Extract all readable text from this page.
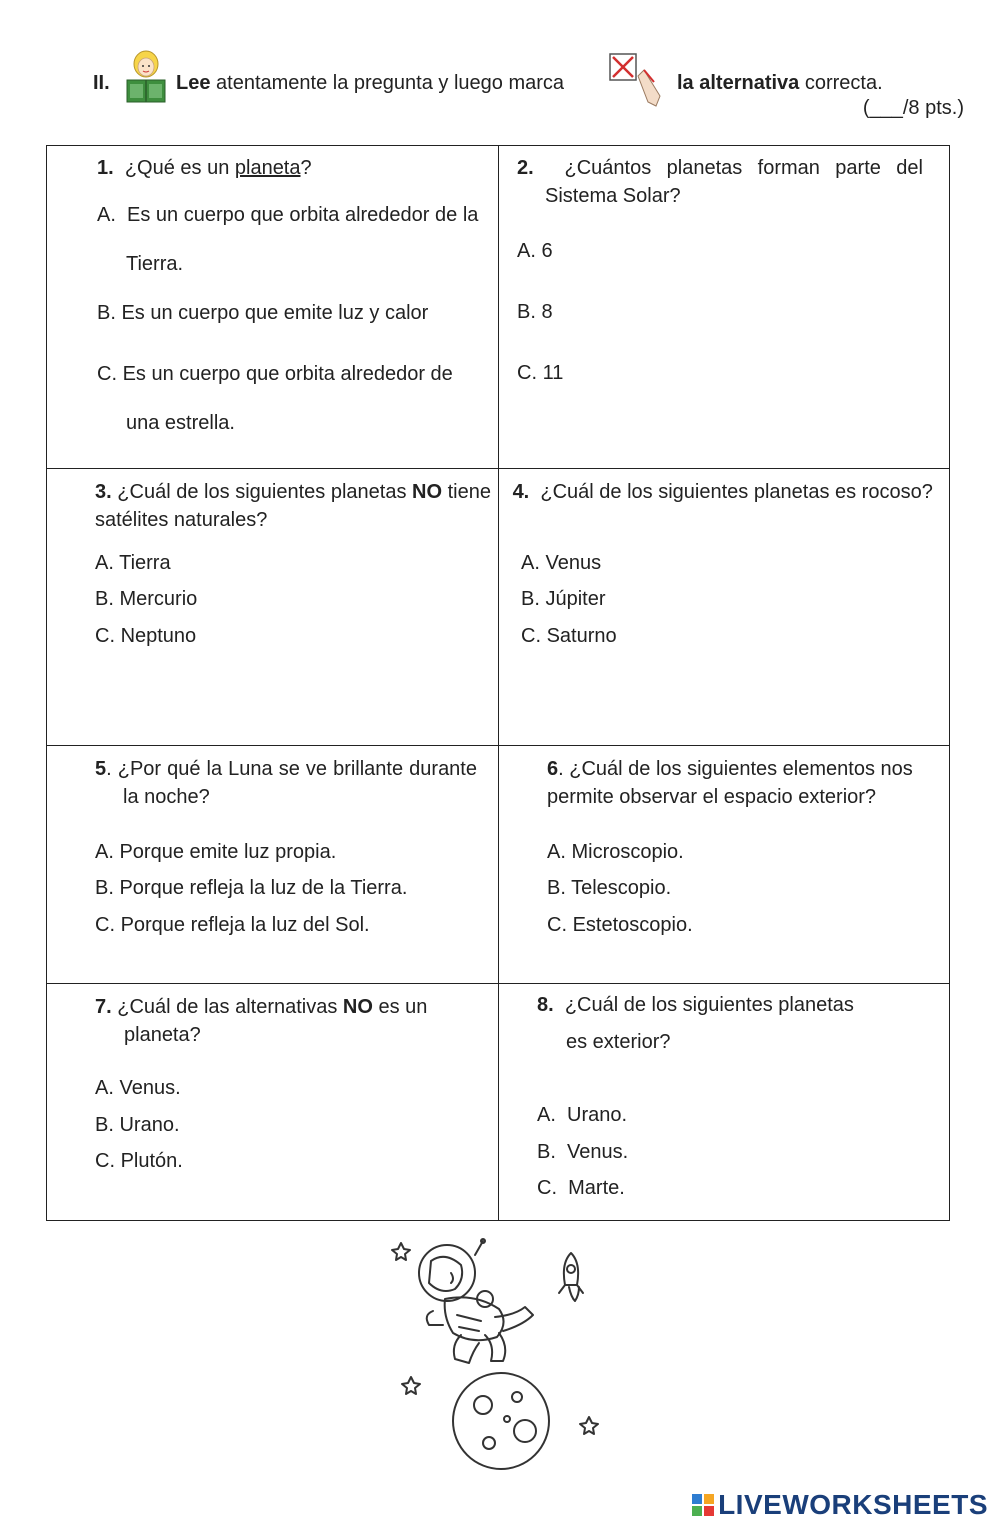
II.	Lee atentamente la pregunta y luego marca	la alternativa correcta.
(___/8 pts.)
1. ¿Qué es un planeta?
A. Es un cuerpo que orbita alrededor de la
Tierra.
B. Es un cuerpo que emite luz y calor
C. Es un cuerpo que orbita alrededor de
una estrella.
2. ¿Cuántos planetas forman parte del Sistema Solar?
A. 6
B. 8
C. 11
3. ¿Cuál de los siguientes planetas NO tiene satélites naturales?
A. Tierra
B. Mercurio
C. Neptuno
4. ¿Cuál de los siguientes planetas es rocoso?
A. Venus
B. Júpiter
C. Saturno
5. ¿Por qué la Luna se ve brillante durante la noche?
A. Porque emite luz propia.
B. Porque refleja la luz de la Tierra.
C. Porque refleja la luz del Sol.
6. ¿Cuál de los siguientes elementos nos permite observar el espacio exterior?
A. Microscopio.
B. Telescopio.
C. Estetoscopio.
7. ¿Cuál de las alternativas NO es un planeta?
A. Venus.
B. Urano.
C. Plutón.
8. ¿Cuál de los siguientes planetas
es exterior?
A. Urano.
B. Venus.
C. Marte.
LIVEWORKSHEETS
